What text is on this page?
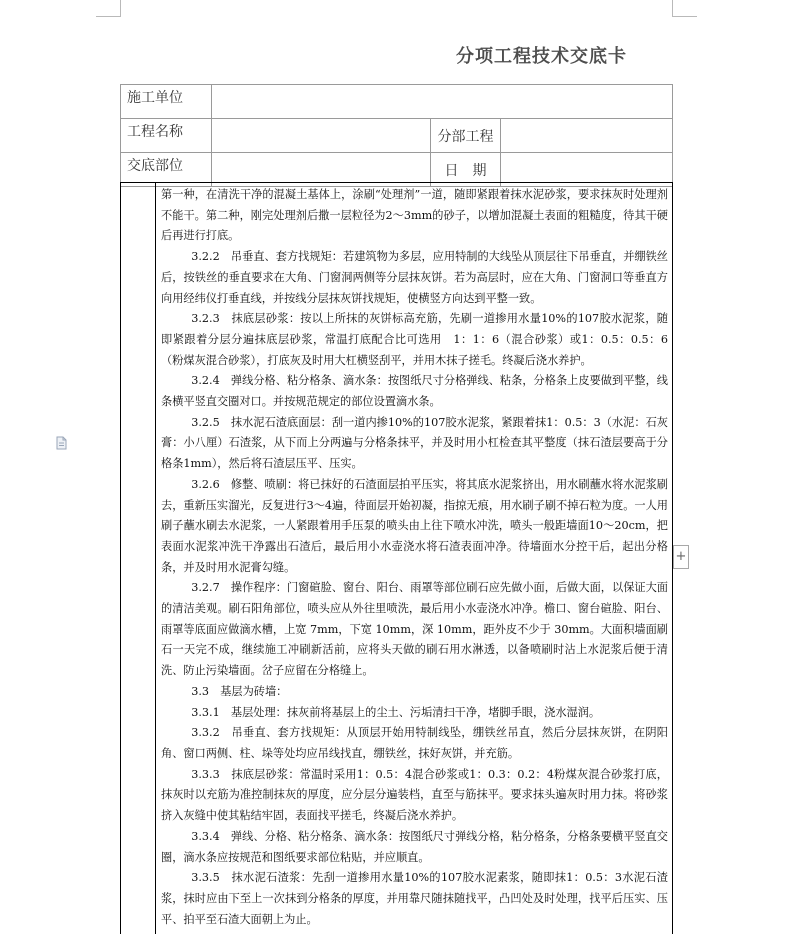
分项工程技术交底卡
施工单位			
工程名称		分部工程	
交底部位		日　期	

第一种，在清洗干净的混凝土基体上，涂刷“处理剂”一道，随即紧跟着抹水泥砂浆，要求抹灰时处理剂不能干。第二种，刚完处理剂后撒一层粒径为2～3mm的砂子，以增加混凝土表面的粗糙度，待其干硬后再进行打底。

3.2.2　吊垂直、套方找规矩：若建筑物为多层，应用特制的大线坠从顶层往下吊垂直，并绷铁丝后，按铁丝的垂直要求在大角、门窗洞两侧等分层抹灰饼。若为高层时，应在大角、门窗洞口等垂直方向用经纬仪打垂直线，并按线分层抹灰饼找规矩，使横竖方向达到平整一致。

3.2.3　抹底层砂浆：按以上所抹的灰饼标高充筋，先刷一道掺用水量10%的107胶水泥浆，随即紧跟着分层分遍抹底层砂浆，常温打底配合比可选用　1：1：6（混合砂浆）或1：0.5：0.5：6（粉煤灰混合砂浆），打底灰及时用大杠横竖刮平，并用木抹子搓毛。终凝后浇水养护。

3.2.4　弹线分格、粘分格条、滴水条：按图纸尺寸分格弹线、粘条，分格条上皮要做到平整，线条横平竖直交圈对口。并按规范规定的部位设置滴水条。

3.2.5　抹水泥石渣底面层：刮一道内掺10%的107胶水泥浆，紧跟着抹1：0.5：3（水泥：石灰膏：小八厘）石渣浆，从下而上分两遍与分格条抹平，并及时用小杠检查其平整度（抹石渣层要高于分格条1mm），然后将石渣层压平、压实。

3.2.6　修整、喷刷：将已抹好的石渣面层拍平压实，将其底水泥浆挤出，用水刷蘸水将水泥浆刷去，重新压实溜光，反复进行3～4遍，待面层开始初凝，指掠无痕，用水刷子刷不掉石粒为度。一人用刷子蘸水刷去水泥浆，一人紧跟着用手压泵的喷头由上往下喷水冲洗，喷头一般距墙面10～20cm，把表面水泥浆冲洗干净露出石渣后，最后用小水壶浇水将石渣表面冲净。待墙面水分控干后，起出分格条，并及时用水泥膏勾缝。

3.2.7　操作程序：门窗碹脸、窗台、阳台、雨罩等部位刷石应先做小面，后做大面，以保证大面的清洁美观。刷石阳角部位，喷头应从外往里喷洗，最后用小水壶浇水冲净。檐口、窗台碹脸、阳台、雨罩等底面应做滴水槽，上宽 7mm，下宽 10mm，深 10mm，距外皮不少于 30mm。大面积墙面刷石一天完不成，继续施工冲刷新活前，应将头天做的刷石用水淋透，以备喷刷时沾上水泥浆后便于清洗、防止污染墙面。岔子应留在分格缝上。

3.3　基层为砖墙：

3.3.1　基层处理：抹灰前将基层上的尘土、污垢清扫干净，堵脚手眼，浇水湿润。

3.3.2　吊垂直、套方找规矩：从顶层开始用特制线坠，绷铁丝吊直，然后分层抹灰饼，在阴阳角、窗口两侧、柱、垛等处均应吊线找直，绷铁丝，抹好灰饼，并充筋。

3.3.3　抹底层砂浆：常温时采用1：0.5：4混合砂浆或1：0.3：0.2：4粉煤灰混合砂浆打底，抹灰时以充筋为准控制抹灰的厚度，应分层分遍装档，直至与筋抹平。要求抹头遍灰时用力抹。将砂浆挤入灰缝中使其粘结牢固，表面找平搓毛，终凝后浇水养护。

3.3.4　弹线、分格、粘分格条、滴水条：按图纸尺寸弹线分格，粘分格条，分格条要横平竖直交圈，滴水条应按规范和图纸要求部位粘贴，并应顺直。

3.3.5　抹水泥石渣浆：先刮一道掺用水量10%的107胶水泥素浆，随即抹1：0.5：3水泥石渣浆，抹时应由下至上一次抹到分格条的厚度，并用靠尺随抹随找平，凸凹处及时处理，找平后压实、压平、拍平至石渣大面朝上为止。

+
